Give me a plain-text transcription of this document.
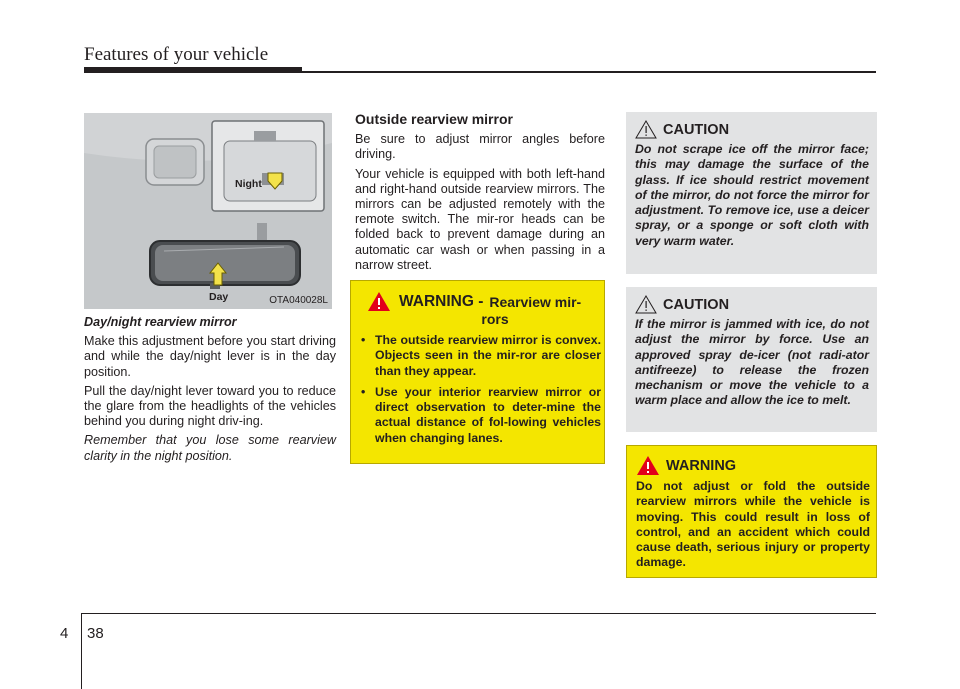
Features of your vehicle
Night
Day	OTA040028L

Day/night rearview mirror

Make this adjustment before you start driving and while the day/night lever is in the day position.

Pull the day/night lever toward you to reduce the glare from the headlights of the vehicles behind you during night driv-ing.

Remember that you lose some rearview clarity in the night position.

Outside rearview mirror

Be sure to adjust mirror angles before driving.

Your vehicle is equipped with both left-hand and right-hand outside rearview mirrors. The mirrors can be adjusted remotely with the remote switch. The mir-ror heads can be folded back to prevent damage during an automatic car wash or when passing in a narrow street.

WARNING - Rearview mir-
rors
• The outside rearview mirror is convex. Objects seen in the mir-ror are closer than they appear.
• Use your interior rearview mirror or direct observation to deter-mine the actual distance of fol-lowing vehicles when changing lanes.
CAUTION
Do not scrape ice off the mirror face; this may damage the surface of the glass. If ice should restrict movement of the mirror, do not force the mirror for adjustment. To remove ice, use a deicer spray, or a sponge or soft cloth with very warm water.
CAUTION
If the mirror is jammed with ice, do not adjust the mirror by force. Use an approved spray de-icer (not radi-ator antifreeze) to release the frozen mechanism or move the vehicle to a warm place and allow the ice to melt.
WARNING
Do not adjust or fold the outside rearview mirrors while the vehicle is moving. This could result in loss of control, and an accident which could cause death, serious injury or property damage.
4 38
